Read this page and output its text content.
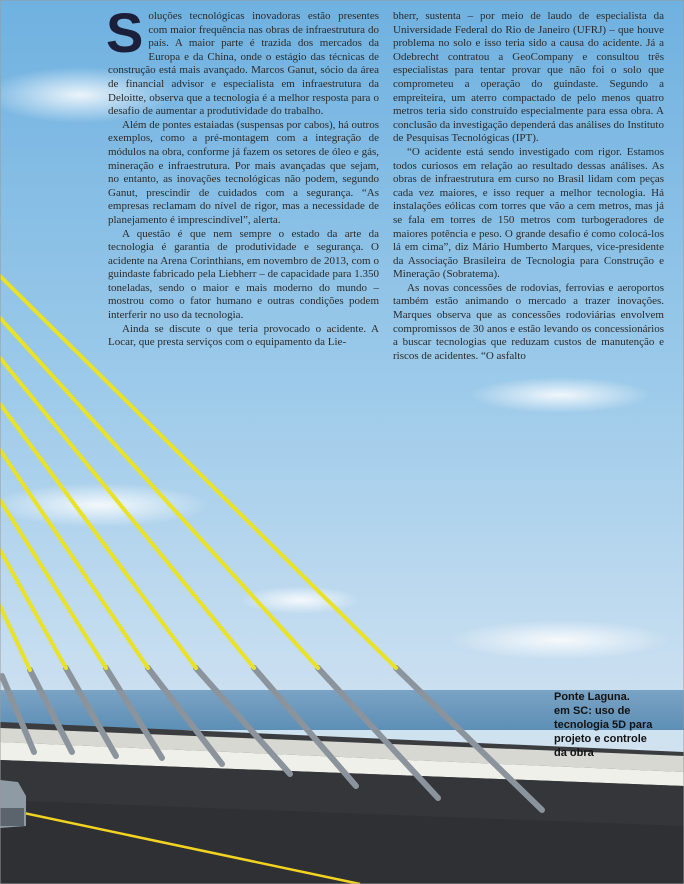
Soluções tecnológicas inovadoras estão presentes com maior frequência nas obras de infraestrutura do país. A maior parte é trazida dos mercados da Europa e da China, onde o estágio das técnicas de construção está mais avançado. Marcos Ganut, sócio da área de financial advisor e especialista em infraestrutura da Deloitte, observa que a tecnologia é a melhor resposta para o desafio de aumentar a produtividade do trabalho.

Além de pontes estaiadas (suspensas por cabos), há outros exemplos, como a pré-montagem com a integração de módulos na obra, conforme já fazem os setores de óleo e gás, mineração e infraestrutura. Por mais avançadas que sejam, no entanto, as inovações tecnológicas não podem, segundo Ganut, prescindir de cuidados com a segurança. “As empresas reclamam do nível de rigor, mas a necessidade de planejamento é imprescindível”, alerta.

A questão é que nem sempre o estado da arte da tecnologia é garantia de produtividade e segurança. O acidente na Arena Corinthians, em novembro de 2013, com o guindaste fabricado pela Liebherr – de capacidade para 1.350 toneladas, sendo o maior e mais moderno do mundo – mostrou como o fator humano e outras condições podem interferir no uso da tecnologia.

Ainda se discute o que teria provocado o acidente. A Locar, que presta serviços com o equipamento da Lie-

bherr, sustenta – por meio de laudo de especialista da Universidade Federal do Rio de Janeiro (UFRJ) – que houve problema no solo e isso teria sido a causa do acidente. Já a Odebrecht contratou a GeoCompany e consultou três especialistas para tentar provar que não foi o solo que comprometeu a operação do guindaste. Segundo a empreiteira, um aterro compactado de pelo menos quatro metros teria sido construído especialmente para essa obra. A conclusão da investigação dependerá das análises do Instituto de Pesquisas Tecnológicas (IPT).

“O acidente está sendo investigado com rigor. Estamos todos curiosos em relação ao resultado dessas análises. As obras de infraestrutura em curso no Brasil lidam com peças cada vez maiores, e isso requer a melhor tecnologia. Há instalações eólicas com torres que vão a cem metros, mas já se fala em torres de 150 metros com turbogeradores de maiores potência e peso. O grande desafio é como colocá-los lá em cima”, diz Mário Humberto Marques, vice-presidente da Associação Brasileira de Tecnologia para Construção e Mineração (Sobratema).

As novas concessões de rodovias, ferrovias e aeroportos também estão animando o mercado a trazer inovações. Marques observa que as concessões rodoviárias envolvem compromissos de 30 anos e estão levando os concessionários a buscar tecnologias que reduzam custos de manutenção e riscos de acidentes. “O asfalto

Ponte Laguna.
em SC: uso de tecnologia 5D para projeto e controle da obra
